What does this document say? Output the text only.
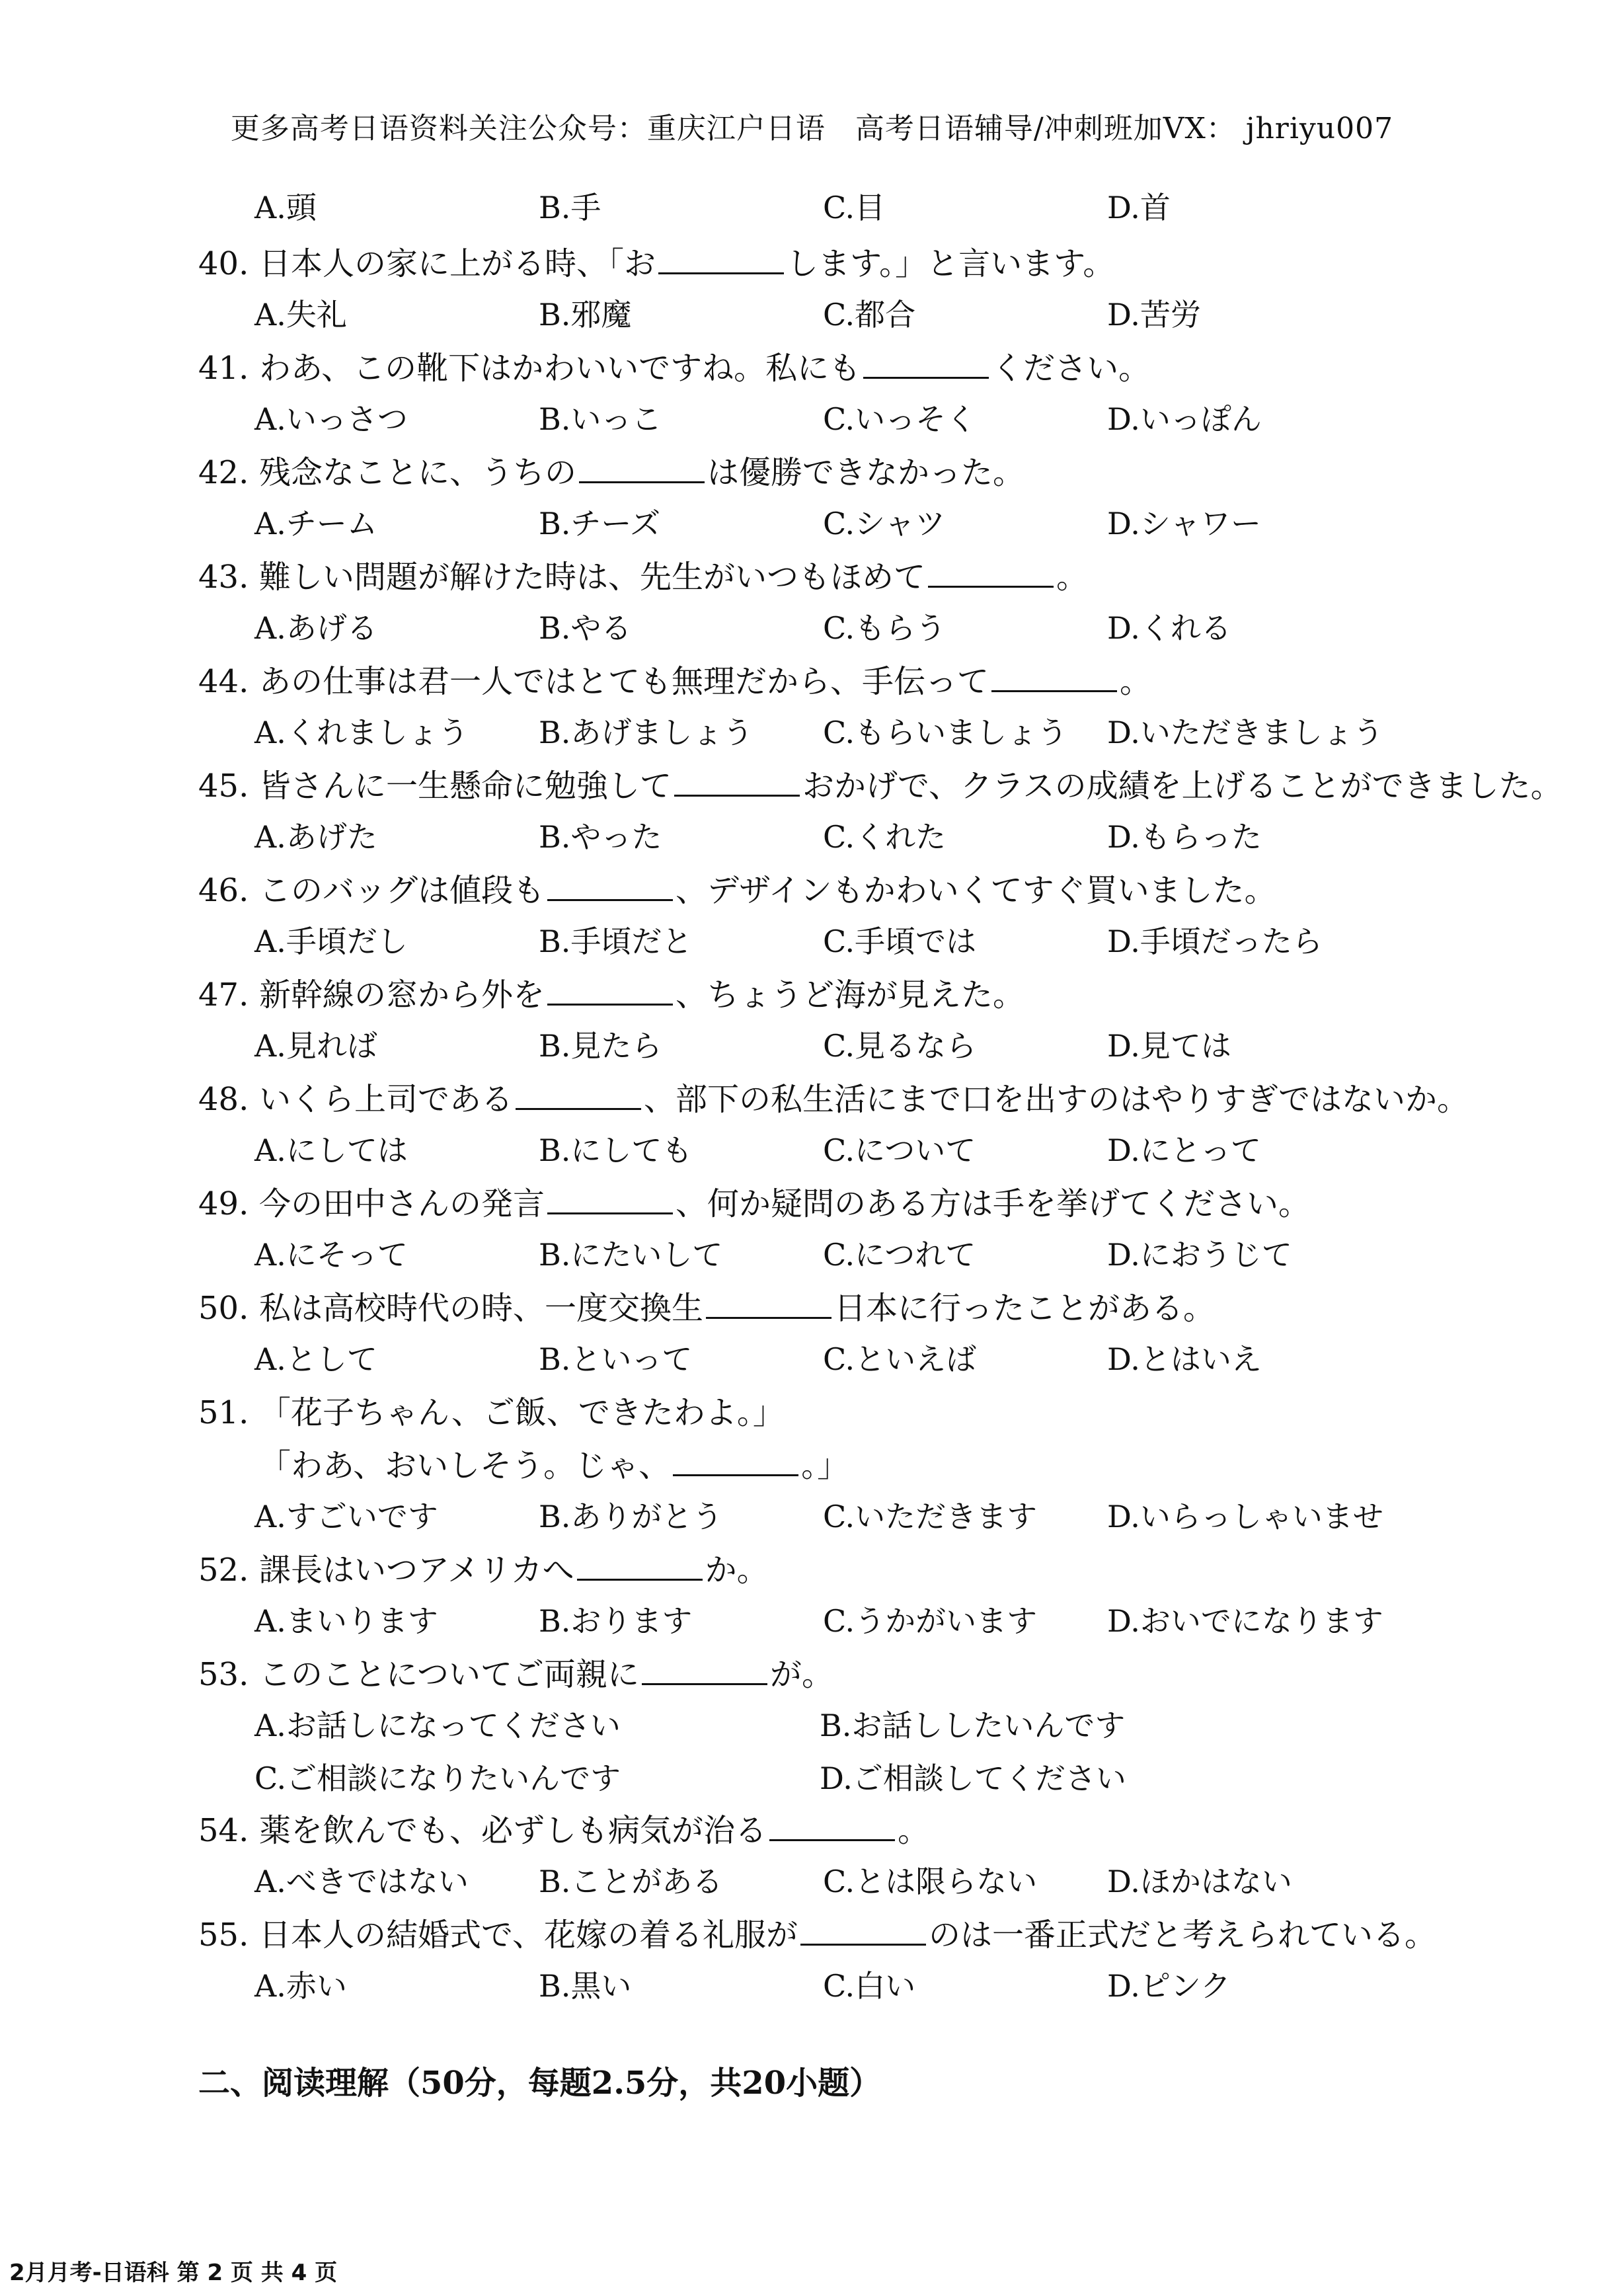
更多高考日语资料关注公众号：重庆江户日语　高考日语辅导/冲刺班加VX： jhriyu007
A.頭	B.手	C.目	D.首
40. 日本人の家に上がる時、「お	します。」と言います。
A.失礼	B.邪魔	C.都合	D.苦労
41. わあ、この靴下はかわいいですね。私にも	ください。
A.いっさつ	B.いっこ	C.いっそく	D.いっぽん
42. 残念なことに、うちの	は優勝できなかった。
A.チーム	B.チーズ	C.シャツ	D.シャワー
43. 難しい問題が解けた時は、先生がいつもほめて	。
A.あげる	B.やる	C.もらう	D.くれる
44. あの仕事は君一人ではとても無理だから、手伝って	。
A.くれましょう B.あげましょう C.もらいましょう D.いただきましょう
45. 皆さんに一生懸命に勉強して	おかげで、クラスの成績を上げることができました。
A.あげた	B.やった	C.くれた	D.もらった
46. このバッグは値段も	、デザインもかわいくてすぐ買いました。
A.手頃だし	B.手頃だと	C.手頃では	D.手頃だったら
47. 新幹線の窓から外を	、ちょうど海が見えた。
A.見れば	B.見たら	C.見るなら	D.見ては
48. いくら上司である	、部下の私生活にまで口を出すのはやりすぎではないか。
A.にしては	B.にしても	C.について	D.にとって
49. 今の田中さんの発言	、何か疑問のある方は手を挙げてください。
A.にそって	B.にたいして	C.につれて	D.におうじて
50. 私は高校時代の時、一度交換生	日本に行ったことがある。
A.として	B.といって	C.といえば	D.とはいえ
51. 「花子ちゃん、ご飯、できたわよ。」
「わあ、おいしそう。じゃ、	。」
A.すごいです	B.ありがとう	C.いただきます D.いらっしゃいませ
52. 課長はいつアメリカへ	か。
A.まいります	B.おります	C.うかがいます D.おいでになります
53. このことについてご両親に	が。
A.お話しになってください	B.お話ししたいんです
C.ご相談になりたいんです	D.ご相談してください
54. 薬を飲んでも、必ずしも病気が治る	。
A.べきではない B.ことがある	C.とは限らない D.ほかはない
55. 日本人の結婚式で、花嫁の着る礼服が	のは一番正式だと考えられている。
A.赤い	B.黒い	C.白い	D.ピンク
二、阅读理解（50分，每题2.5分，共20小题）
2月月考-日语科 第 2 页 共 4 页
